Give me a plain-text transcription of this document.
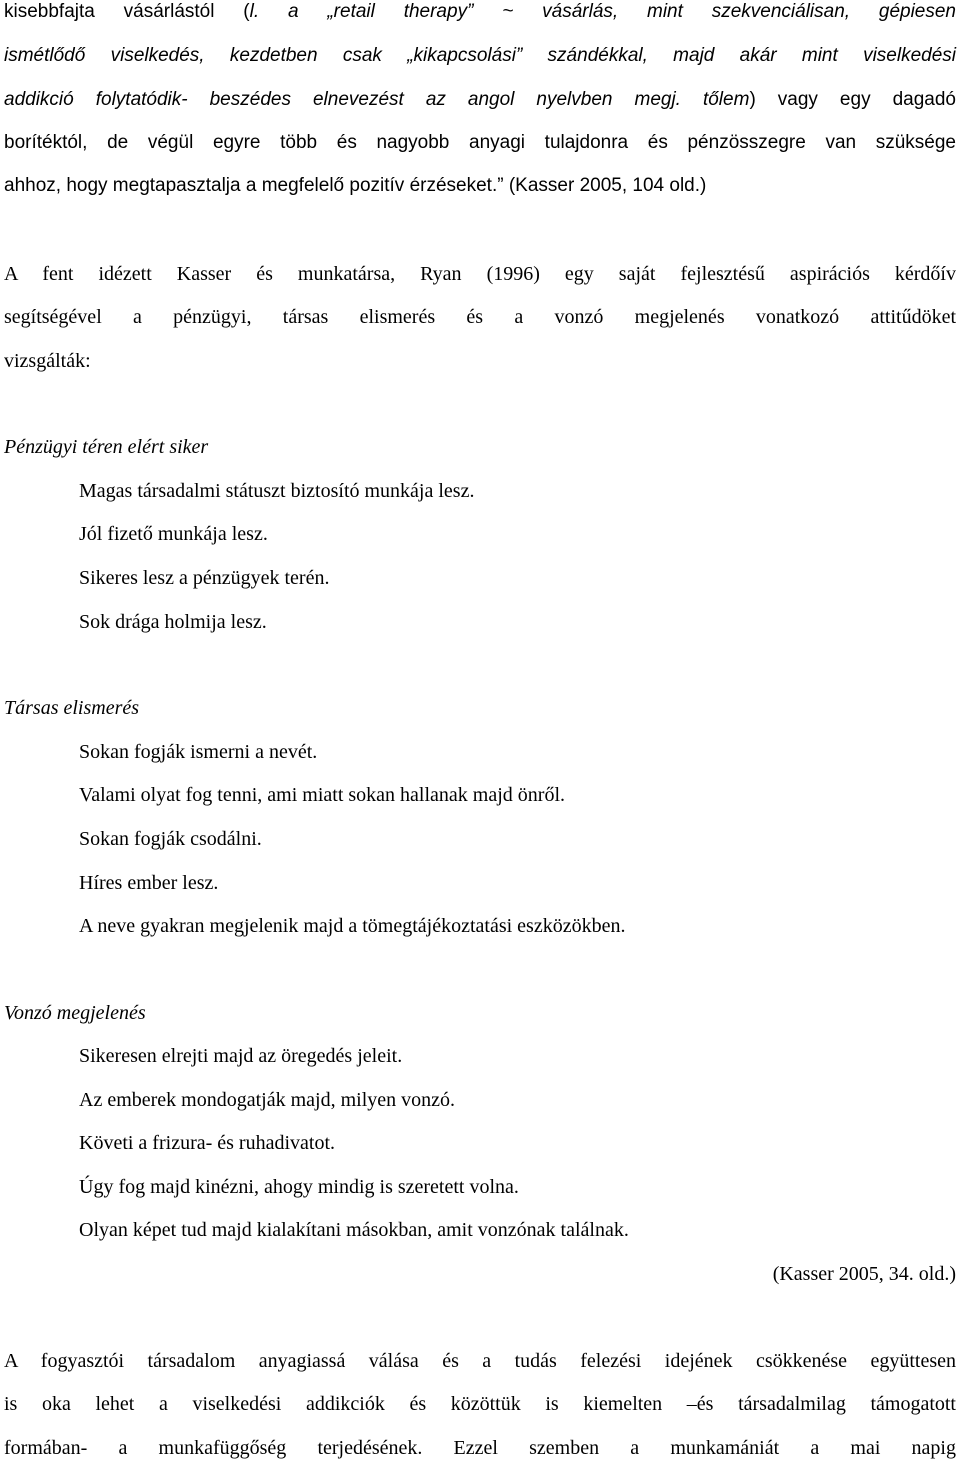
kisebbfajta vásárlástól (l. a „retail therapy” ~ vásárlás, mint szekvenciálisan, gépiesen
ismétlődő viselkedés, kezdetben csak „kikapcsolási” szándékkal, majd akár mint viselkedési
addikció folytatódik- beszédes elnevezést az angol nyelvben megj. tőlem) vagy egy dagadó
borítéktól, de végül egyre több és nagyobb anyagi tulajdonra és pénzösszegre van szüksége
ahhoz, hogy megtapasztalja a megfelelő pozitív érzéseket.” (Kasser 2005, 104 old.)
A fent idézett Kasser és munkatársa, Ryan (1996) egy saját fejlesztésű aspirációs kérdőív
segítségével a pénzügyi, társas elismerés és a vonzó megjelenés vonatkozó attitűdöket
vizsgálták:
Pénzügyi téren elért siker
Magas társadalmi státuszt biztosító munkája lesz.
Jól fizető munkája lesz.
Sikeres lesz a pénzügyek terén.
Sok drága holmija lesz.
Társas elismerés
Sokan fogják ismerni a nevét.
Valami olyat fog tenni, ami miatt sokan hallanak majd önről.
Sokan fogják csodálni.
Híres ember lesz.
A neve gyakran megjelenik majd a tömegtájékoztatási eszközökben.
Vonzó megjelenés
Sikeresen elrejti majd az öregedés jeleit.
Az emberek mondogatják majd, milyen vonzó.
Követi a frizura- és ruhadivatot.
Úgy fog majd kinézni, ahogy mindig is szeretett volna.
Olyan képet tud majd kialakítani másokban, amit vonzónak találnak.
(Kasser 2005, 34. old.)
A fogyasztói társadalom anyagiassá válása és a tudás felezési idejének csökkenése együttesen
is oka lehet a viselkedési addikciók és közöttük is kiemelten –és társadalmilag támogatott
formában- a munkafüggőség terjedésének. Ezzel szemben a munkamániát a mai napig
